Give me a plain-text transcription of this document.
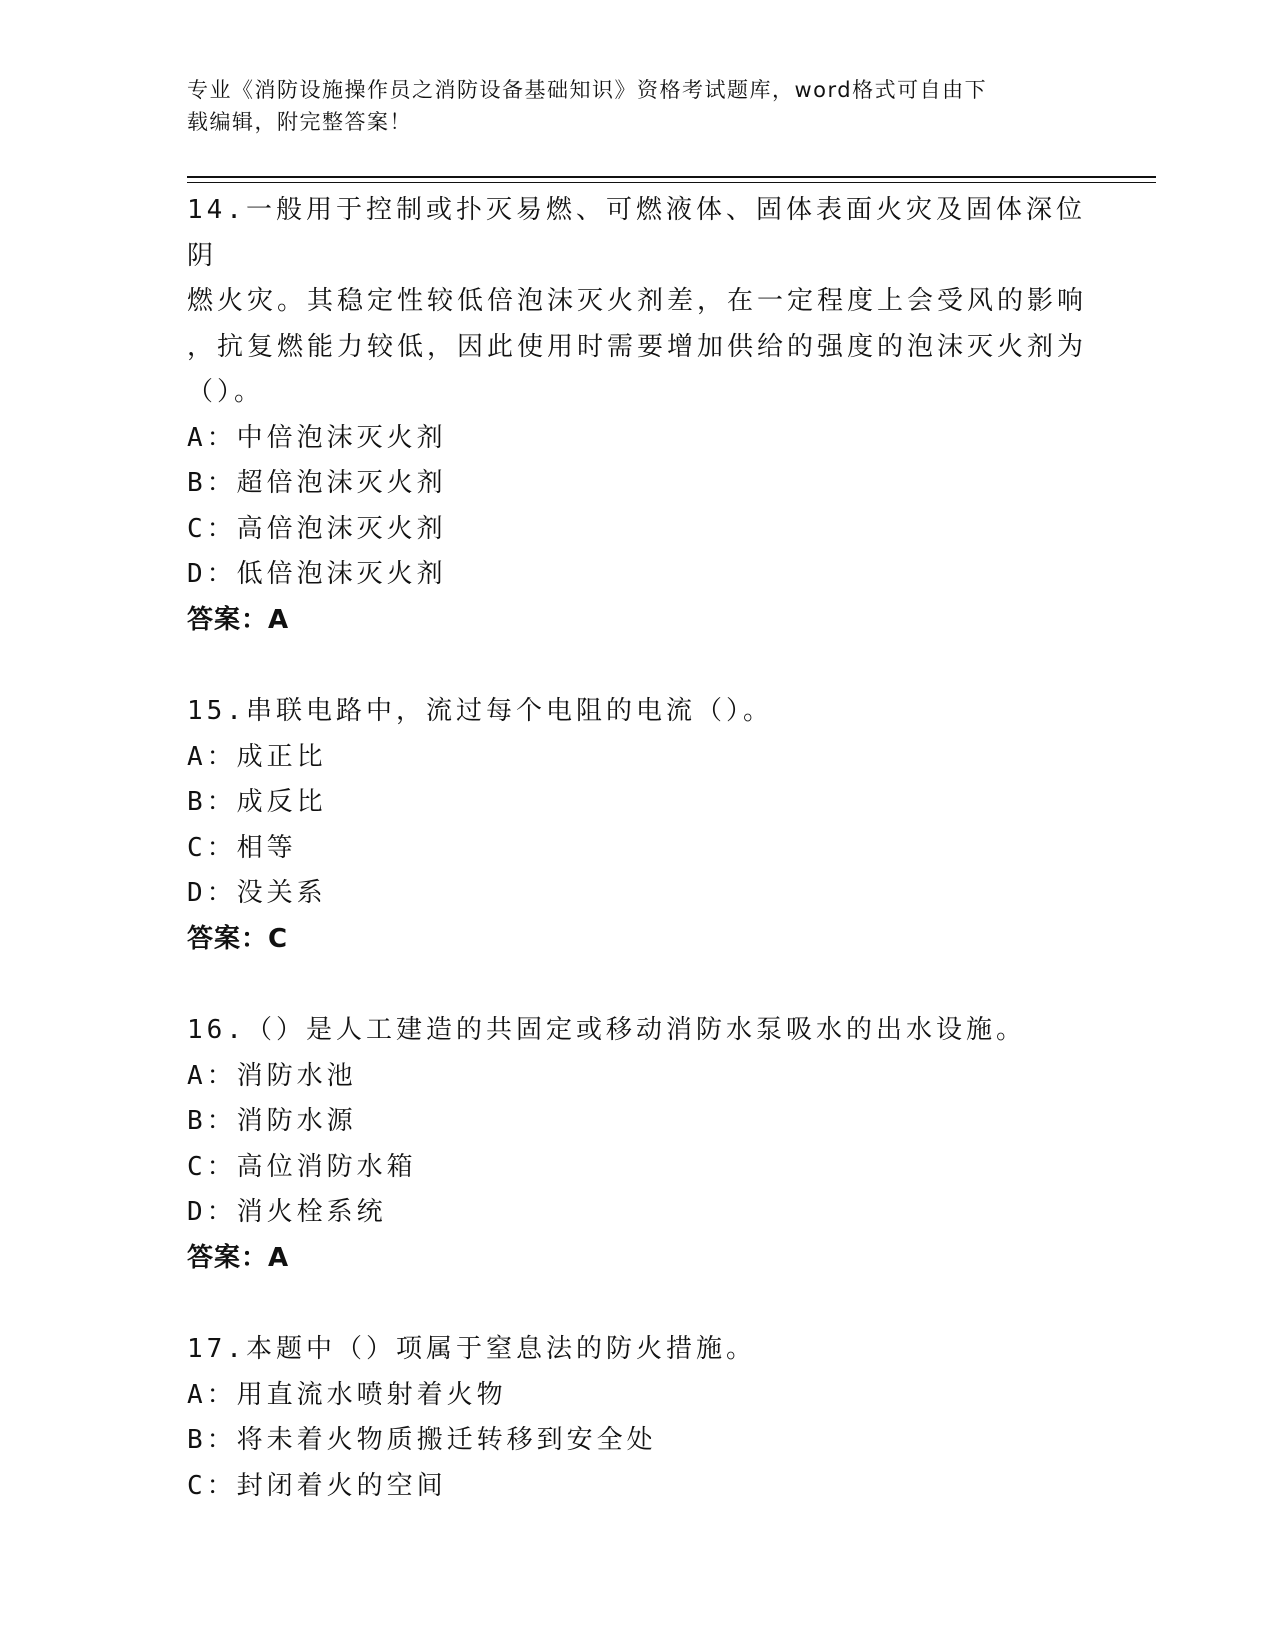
专业《消防设施操作员之消防设备基础知识》资格考试题库，word格式可自由下
载编辑，附完整答案！
14.一般用于控制或扑灭易燃、可燃液体、固体表面火灾及固体深位阴
燃火灾。其稳定性较低倍泡沫灭火剂差，在一定程度上会受风的影响
，抗复燃能力较低，因此使用时需要增加供给的强度的泡沫灭火剂为
（）。
A：中倍泡沫灭火剂
B：超倍泡沫灭火剂
C：高倍泡沫灭火剂
D：低倍泡沫灭火剂
答案：A
15.串联电路中，流过每个电阻的电流（）。
A：成正比
B：成反比
C：相等
D：没关系
答案：C
16.（）是人工建造的共固定或移动消防水泵吸水的出水设施。
A：消防水池
B：消防水源
C：高位消防水箱
D：消火栓系统
答案：A
17.本题中（）项属于窒息法的防火措施。
A：用直流水喷射着火物
B：将未着火物质搬迁转移到安全处
C：封闭着火的空间
